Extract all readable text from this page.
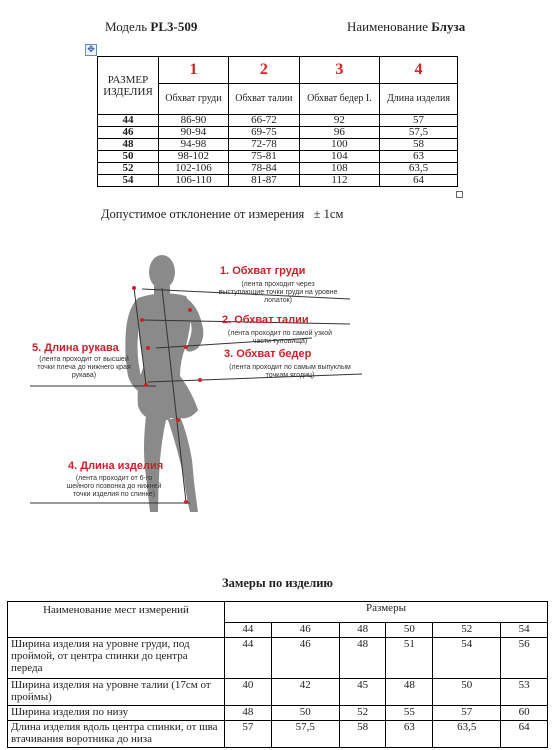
Модель PL3-509	Наименование Блуза
✥
РАЗМЕР ИЗДЕЛИЯ	1	2	3	4
	Обхват груди	Обхват талии	Обхват бедер I.	Длина изделия
44	86-90	66-72	92	57
46	90-94	69-75	96	57,5
48	94-98	72-78	100	58
50	98-102	75-81	104	63
52	102-106	78-84	108	63,5
54	106-110	81-87	112	64
Допустимое отклонение от измерения   ± 1см
1. Обхват груди
(лента проходит через выступающие точки груди на уровне лопаток)
2. Обхват талии
(лента проходит по самой узкой части туловища)
3. Обхват бедер
(лента проходит по самым выпуклым точкам ягодиц)
5. Длина рукава
(лента проходит от высшей точки плеча до нижнего края рукава)
4. Длина изделия
(лента проходит от 6-го шейного позвонка до нижней точки изделия по спинке)
Замеры по изделию
Наименование мест измерений	Размеры					
	44	46	48	50	52	54
Ширина изделия на уровне груди, под проймой, от центра спинки до центра переда	44	46	48	51	54	56
Ширина изделия на уровне талии (17см от проймы)	40	42	45	48	50	53
Ширина изделия по низу	48	50	52	55	57	60
Длина изделия вдоль центра спинки, от шва втачивания воротника до низа	57	57,5	58	63	63,5	64
